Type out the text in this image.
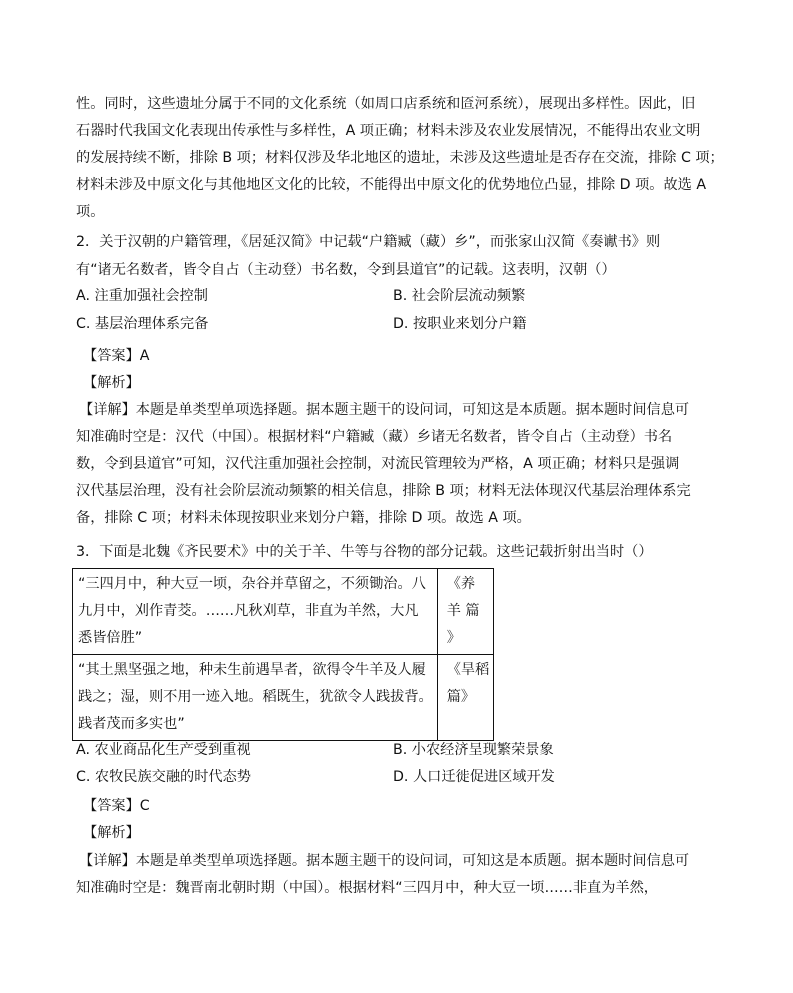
性。同时，这些遗址分属于不同的文化系统（如周口店系统和匼河系统），展现出多样性。因此，旧
石器时代我国文化表现出传承性与多样性，A 项正确；材料未涉及农业发展情况，不能得出农业文明
的发展持续不断，排除 B 项；材料仅涉及华北地区的遗址，未涉及这些遗址是否存在交流，排除 C 项；
材料未涉及中原文化与其他地区文化的比较，不能得出中原文化的优势地位凸显，排除 D 项。故选 A
项。
2．关于汉朝的户籍管理，《居延汉简》中记载“户籍臧（藏）乡”，而张家山汉简《奏谳书》则
有“诸无名数者，皆令自占（主动登）书名数，令到县道官”的记载。这表明，汉朝（）
A. 注重加强社会控制	B. 社会阶层流动频繁
C. 基层治理体系完备	D. 按职业来划分户籍
【答案】A
【解析】
【详解】本题是单类型单项选择题。据本题主题干的设问词，可知这是本质题。据本题时间信息可
知准确时空是：汉代（中国）。根据材料“户籍臧（藏）乡诸无名数者，皆令自占（主动登）书名
数，令到县道官”可知，汉代注重加强社会控制，对流民管理较为严格，A 项正确；材料只是强调
汉代基层治理，没有社会阶层流动频繁的相关信息，排除 B 项；材料无法体现汉代基层治理体系完
备，排除 C 项；材料未体现按职业来划分户籍，排除 D 项。故选 A 项。
3．下面是北魏《齐民要术》中的关于羊、牛等与谷物的部分记载。这些记载折射出当时（）
“三四月中，种大豆一顷，杂谷并草留之，不须锄治。八
九月中，刈作青茭。……凡秋刈草，非直为羊然，大凡
悉皆倍胜”	《养
羊 篇
》

“其土黑坚强之地，种未生前遇旱者，欲得令牛羊及人履
践之；湿，则不用一迹入地。稻既生，犹欲令人践拔背。
践者茂而多实也”	《旱稻
篇》
A. 农业商品化生产受到重视	B. 小农经济呈现繁荣景象
C. 农牧民族交融的时代态势	D. 人口迁徙促进区域开发
【答案】C
【解析】
【详解】本题是单类型单项选择题。据本题主题干的设问词，可知这是本质题。据本题时间信息可
知准确时空是：魏晋南北朝时期（中国）。根据材料“三四月中，种大豆一顷……非直为羊然，
